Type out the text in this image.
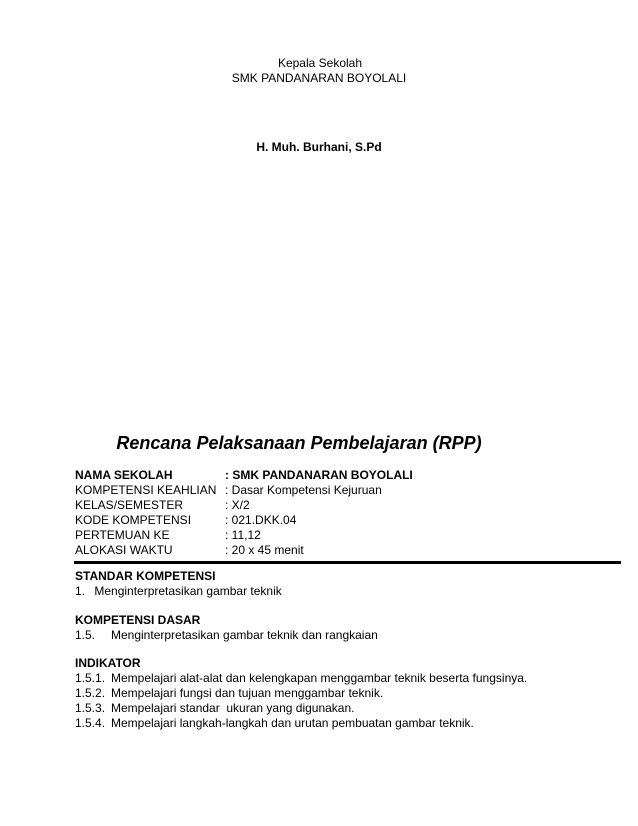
Kepala Sekolah
SMK PANDANARAN BOYOLALI
H. Muh. Burhani, S.Pd
Rencana Pelaksanaan Pembelajaran (RPP)
NAMA SEKOLAH	: SMK PANDANARAN BOYOLALI
KOMPETENSI KEAHLIAN : Dasar Kompetensi Kejuruan
KELAS/SEMESTER	: X/2
KODE KOMPETENSI	: 021.DKK.04
PERTEMUAN KE	: 11,12
ALOKASI WAKTU	: 20 x 45 menit
STANDAR KOMPETENSI
1. Menginterpretasikan gambar teknik
KOMPETENSI DASAR
1.5. Menginterpretasikan gambar teknik dan rangkaian
INDIKATOR
1.5.1. Mempelajari alat-alat dan kelengkapan menggambar teknik beserta fungsinya.
1.5.2. Mempelajari fungsi dan tujuan menggambar teknik.
1.5.3. Mempelajari standar  ukuran yang digunakan.
1.5.4. Mempelajari langkah-langkah dan urutan pembuatan gambar teknik.
